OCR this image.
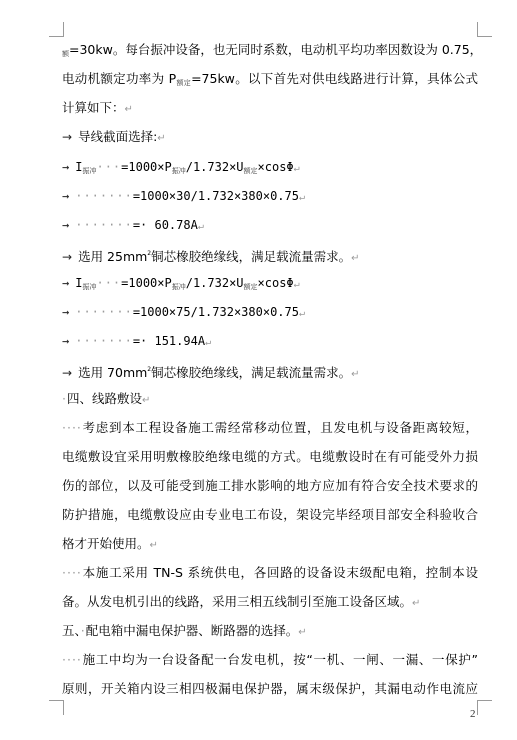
$_额$=30kw。每台振冲设备，也无同时系数，电动机平均功率因数设为 0.75，
电动机额定功率为 $P_{额定}=75kw$。以下首先对供电线路进行计算，具体公式
计算如下：↵
→ 导线截面选择:↵
→ $I_{振冲}\cdot\cdot\cdot=1000\times P_{振冲}/1.732\times U_{额定}\times\cos\Phi↵$
→ ·······=1000×30/1.732×380×0.75↵
→ ·······=· 60.78A↵
→ 选用 $25mm^2$铜芯橡胶绝缘线，满足载流量需求。↵
→ $I_{振冲}\cdot\cdot\cdot=1000\times P_{振冲}/1.732\times U_{额定}\times\cos\Phi↵$
→ ·······=1000×75/1.732×380×0.75↵
→ ·······=· 151.94A↵
→ 选用 $70mm^2$铜芯橡胶绝缘线，满足载流量需求。↵
·四、线路敷设↵
····考虑到本工程设备施工需经常移动位置，且发电机与设备距离较短，
电缆敷设宜采用明敷橡胶绝缘电缆的方式。电缆敷设时在有可能受外力损
伤的部位，以及可能受到施工排水影响的地方应加有符合安全技术要求的
防护措施，电缆敷设应由专业电工布设，架设完毕经项目部安全科验收合
格才开始使用。↵
····本施工采用 TN-S 系统供电，各回路的设备设末级配电箱，控制本设
备。从发电机引出的线路，采用三相五线制引至施工设备区域。↵
五、·配电箱中漏电保护器、断路器的选择。↵
····施工中均为一台设备配一台发电机，按“一机、一闸、一漏、一保护”
原则，开关箱内设三相四极漏电保护器，属末级保护，其漏电动作电流应
2
